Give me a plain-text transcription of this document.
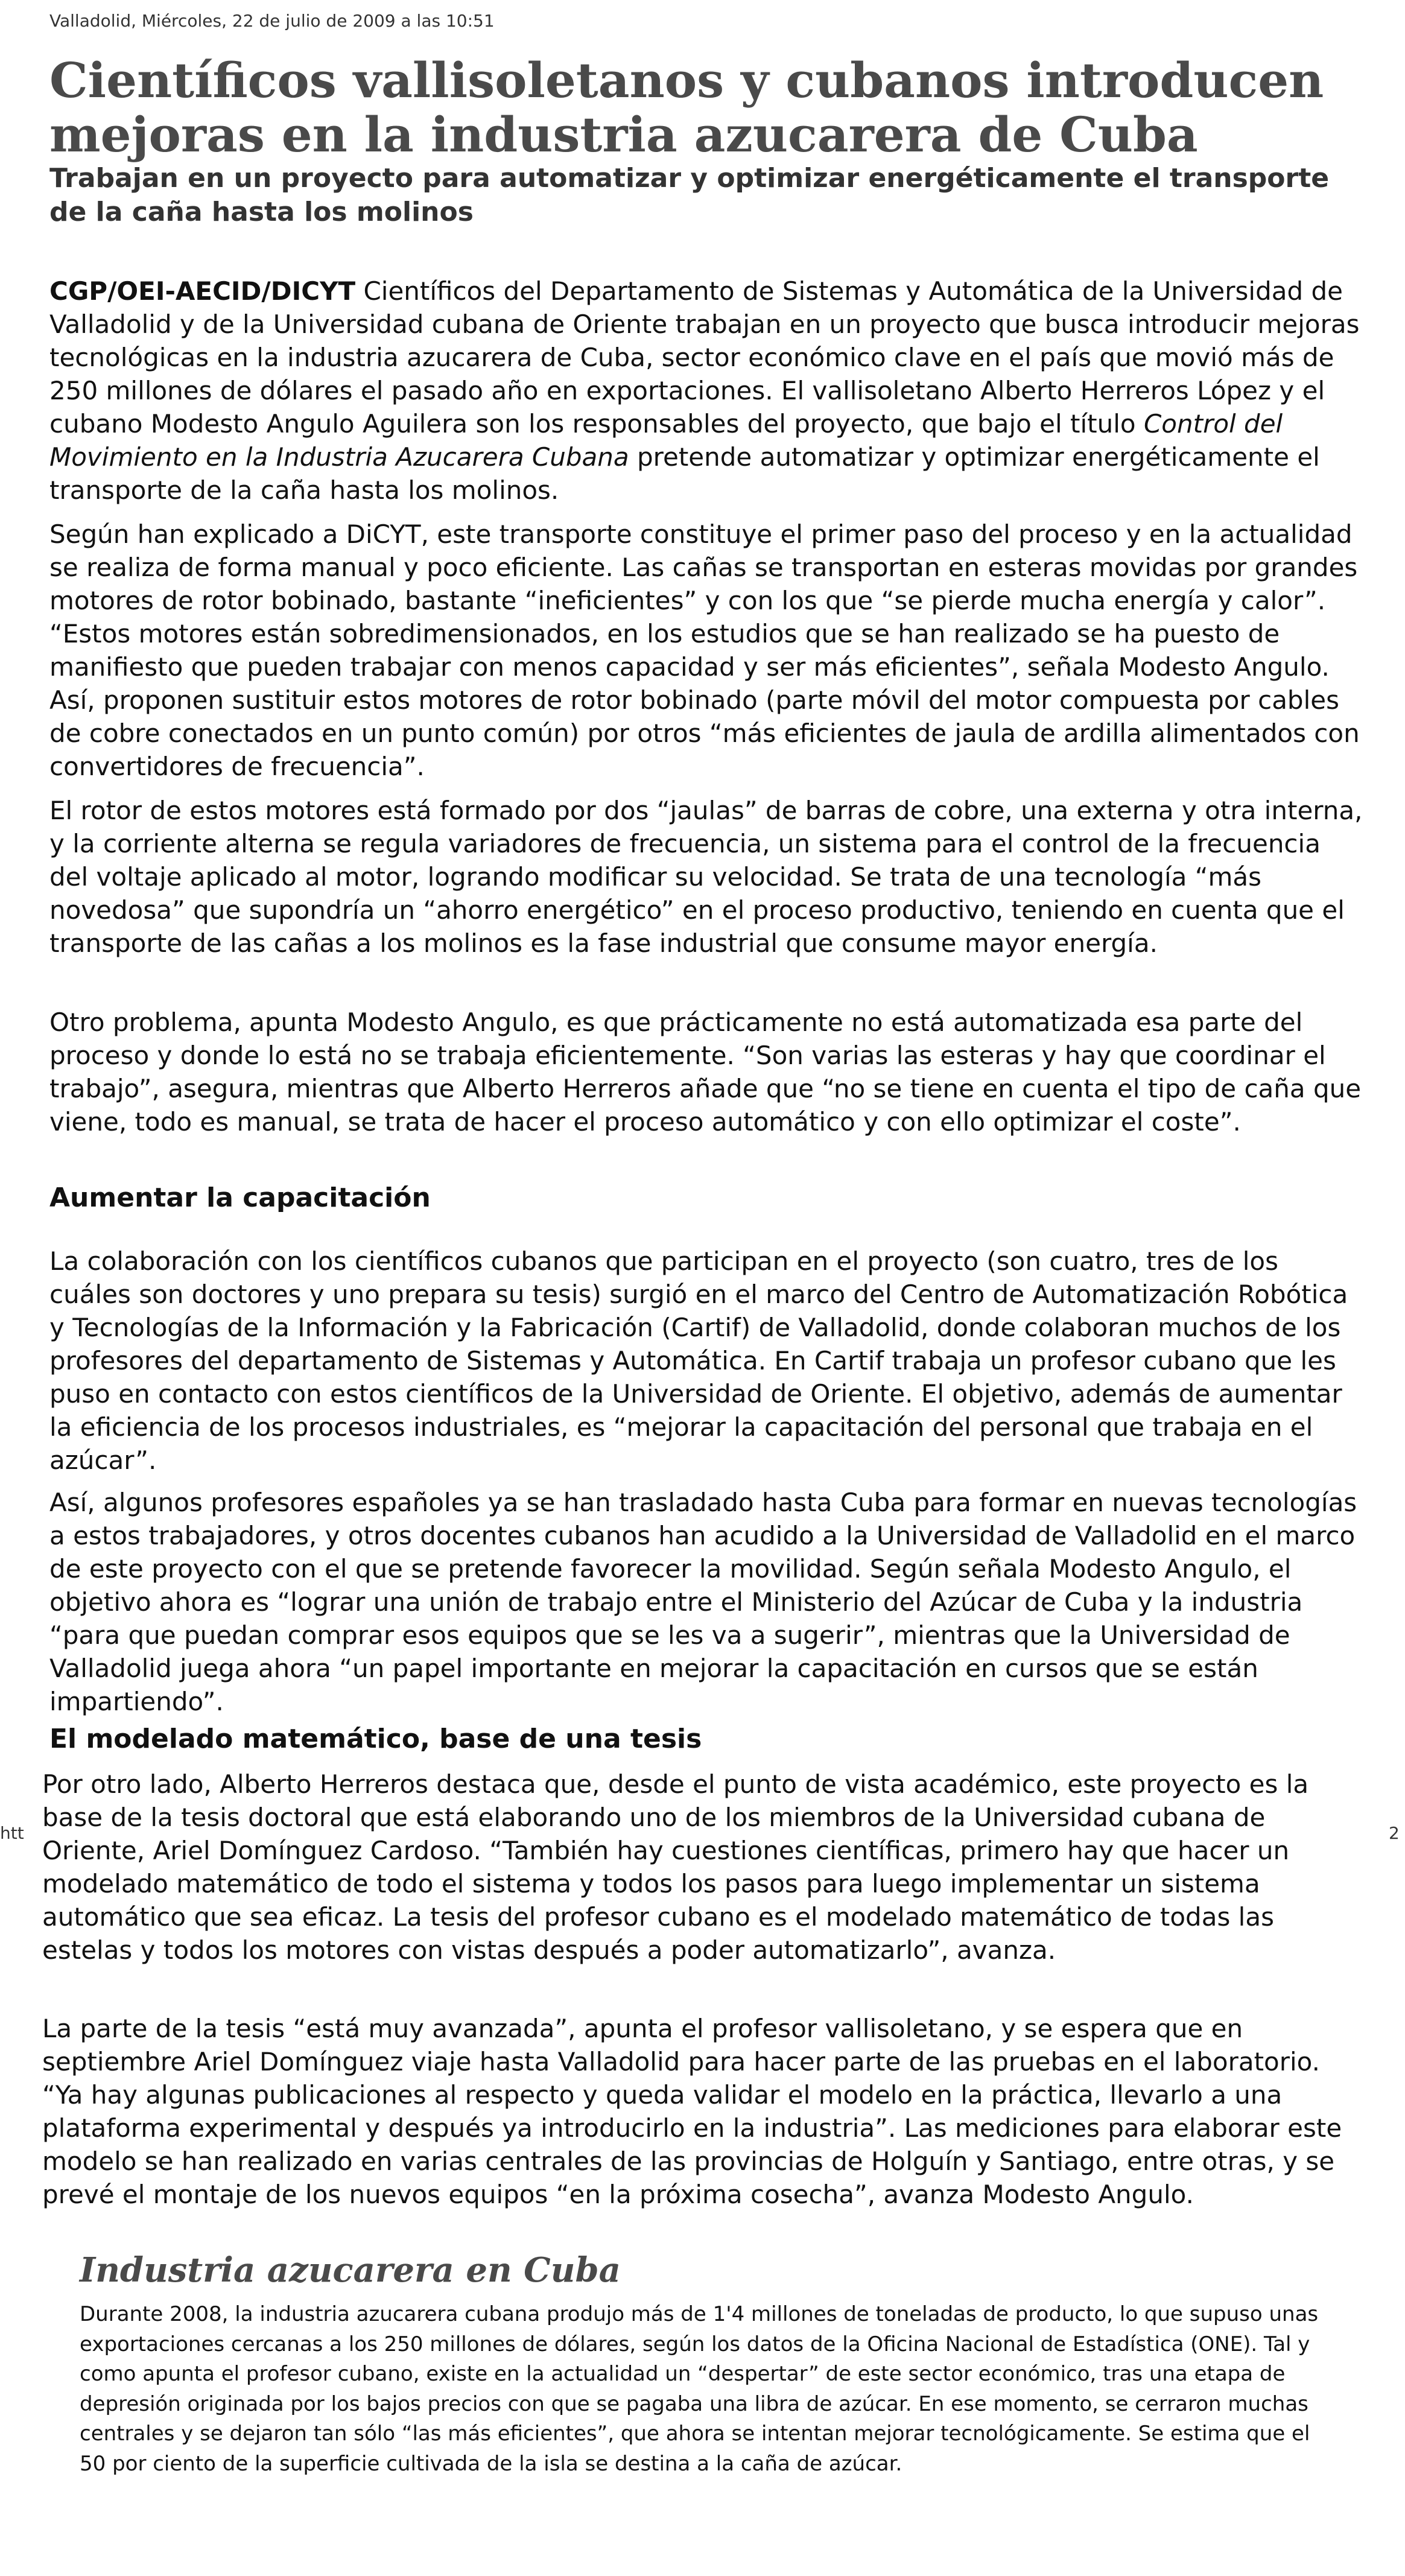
Valladolid, Miércoles, 22 de julio de 2009 a las 10:51
Científicos vallisoletanos y cubanos introducen mejoras en la industria azucarera de Cuba
Trabajan en un proyecto para automatizar y optimizar energéticamente el transporte de la caña hasta los molinos

CGP/OEI-AECID/DICYT Científicos del Departamento de Sistemas y Automática de la Universidad de Valladolid y de la Universidad cubana de Oriente trabajan en un proyecto que busca introducir mejoras tecnológicas en la industria azucarera de Cuba, sector económico clave en el país que movió más de 250 millones de dólares el pasado año en exportaciones. El vallisoletano Alberto Herreros López y el cubano Modesto Angulo Aguilera son los responsables del proyecto, que bajo el título Control del Movimiento en la Industria Azucarera Cubana pretende automatizar y optimizar energéticamente el transporte de la caña hasta los molinos.

Según han explicado a DiCYT, este transporte constituye el primer paso del proceso y en la actualidad se realiza de forma manual y poco eficiente. Las cañas se transportan en esteras movidas por grandes motores de rotor bobinado, bastante “ineficientes” y con los que “se pierde mucha energía y calor”. “Estos motores están sobredimensionados, en los estudios que se han realizado se ha puesto de manifiesto que pueden trabajar con menos capacidad y ser más eficientes”, señala Modesto Angulo. Así, proponen sustituir estos motores de rotor bobinado (parte móvil del motor compuesta por cables de cobre conectados en un punto común) por otros “más eficientes de jaula de ardilla alimentados con convertidores de frecuencia”.

El rotor de estos motores está formado por dos “jaulas” de barras de cobre, una externa y otra interna, y la corriente alterna se regula variadores de frecuencia, un sistema para el control de la frecuencia del voltaje aplicado al motor, logrando modificar su velocidad. Se trata de una tecnología “más novedosa” que supondría un “ahorro energético” en el proceso productivo, teniendo en cuenta que el transporte de las cañas a los molinos es la fase industrial que consume mayor energía.

Otro problema, apunta Modesto Angulo, es que prácticamente no está automatizada esa parte del proceso y donde lo está no se trabaja eficientemente. “Son varias las esteras y hay que coordinar el trabajo”, asegura, mientras que Alberto Herreros añade que “no se tiene en cuenta el tipo de caña que viene, todo es manual, se trata de hacer el proceso automático y con ello optimizar el coste”.

Aumentar la capacitación

La colaboración con los científicos cubanos que participan en el proyecto (son cuatro, tres de los cuáles son doctores y uno prepara su tesis) surgió en el marco del Centro de Automatización Robótica y Tecnologías de la Información y la Fabricación (Cartif) de Valladolid, donde colaboran muchos de los profesores del departamento de Sistemas y Automática. En Cartif trabaja un profesor cubano que les puso en contacto con estos científicos de la Universidad de Oriente. El objetivo, además de aumentar la eficiencia de los procesos industriales, es “mejorar la capacitación del personal que trabaja en el azúcar”.

Así, algunos profesores españoles ya se han trasladado hasta Cuba para formar en nuevas tecnologías a estos trabajadores, y otros docentes cubanos han acudido a la Universidad de Valladolid en el marco de este proyecto con el que se pretende favorecer la movilidad. Según señala Modesto Angulo, el objetivo ahora es “lograr una unión de trabajo entre el Ministerio del Azúcar de Cuba y la industria “para que puedan comprar esos equipos que se les va a sugerir”, mientras que la Universidad de Valladolid juega ahora “un papel importante en mejorar la capacitación en cursos que se están impartiendo”.

El modelado matemático, base de una tesis

Por otro lado, Alberto Herreros destaca que, desde el punto de vista académico, este proyecto es la base de la tesis doctoral que está elaborando uno de los miembros de la Universidad cubana de Oriente, Ariel Domínguez Cardoso. “También hay cuestiones científicas, primero hay que hacer un modelado matemático de todo el sistema y todos los pasos para luego implementar un sistema automático que sea eficaz. La tesis del profesor cubano es el modelado matemático de todas las estelas y todos los motores con vistas después a poder automatizarlo”, avanza.

La parte de la tesis “está muy avanzada”, apunta el profesor vallisoletano, y se espera que en septiembre Ariel Domínguez viaje hasta Valladolid para hacer parte de las pruebas en el laboratorio. “Ya hay algunas publicaciones al respecto y queda validar el modelo en la práctica, llevarlo a una plataforma experimental y después ya introducirlo en la industria”. Las mediciones para elaborar este modelo se han realizado en varias centrales de las provincias de Holguín y Santiago, entre otras, y se prevé el montaje de los nuevos equipos “en la próxima cosecha”, avanza Modesto Angulo.

htt	2
Industria azucarera en Cuba

Durante 2008, la industria azucarera cubana produjo más de 1'4 millones de toneladas de producto, lo que supuso unas exportaciones cercanas a los 250 millones de dólares, según los datos de la Oficina Nacional de Estadística (ONE). Tal y como apunta el profesor cubano, existe en la actualidad un “despertar” de este sector económico, tras una etapa de depresión originada por los bajos precios con que se pagaba una libra de azúcar. En ese momento, se cerraron muchas centrales y se dejaron tan sólo “las más eficientes”, que ahora se intentan mejorar tecnológicamente. Se estima que el 50 por ciento de la superficie cultivada de la isla se destina a la caña de azúcar.
